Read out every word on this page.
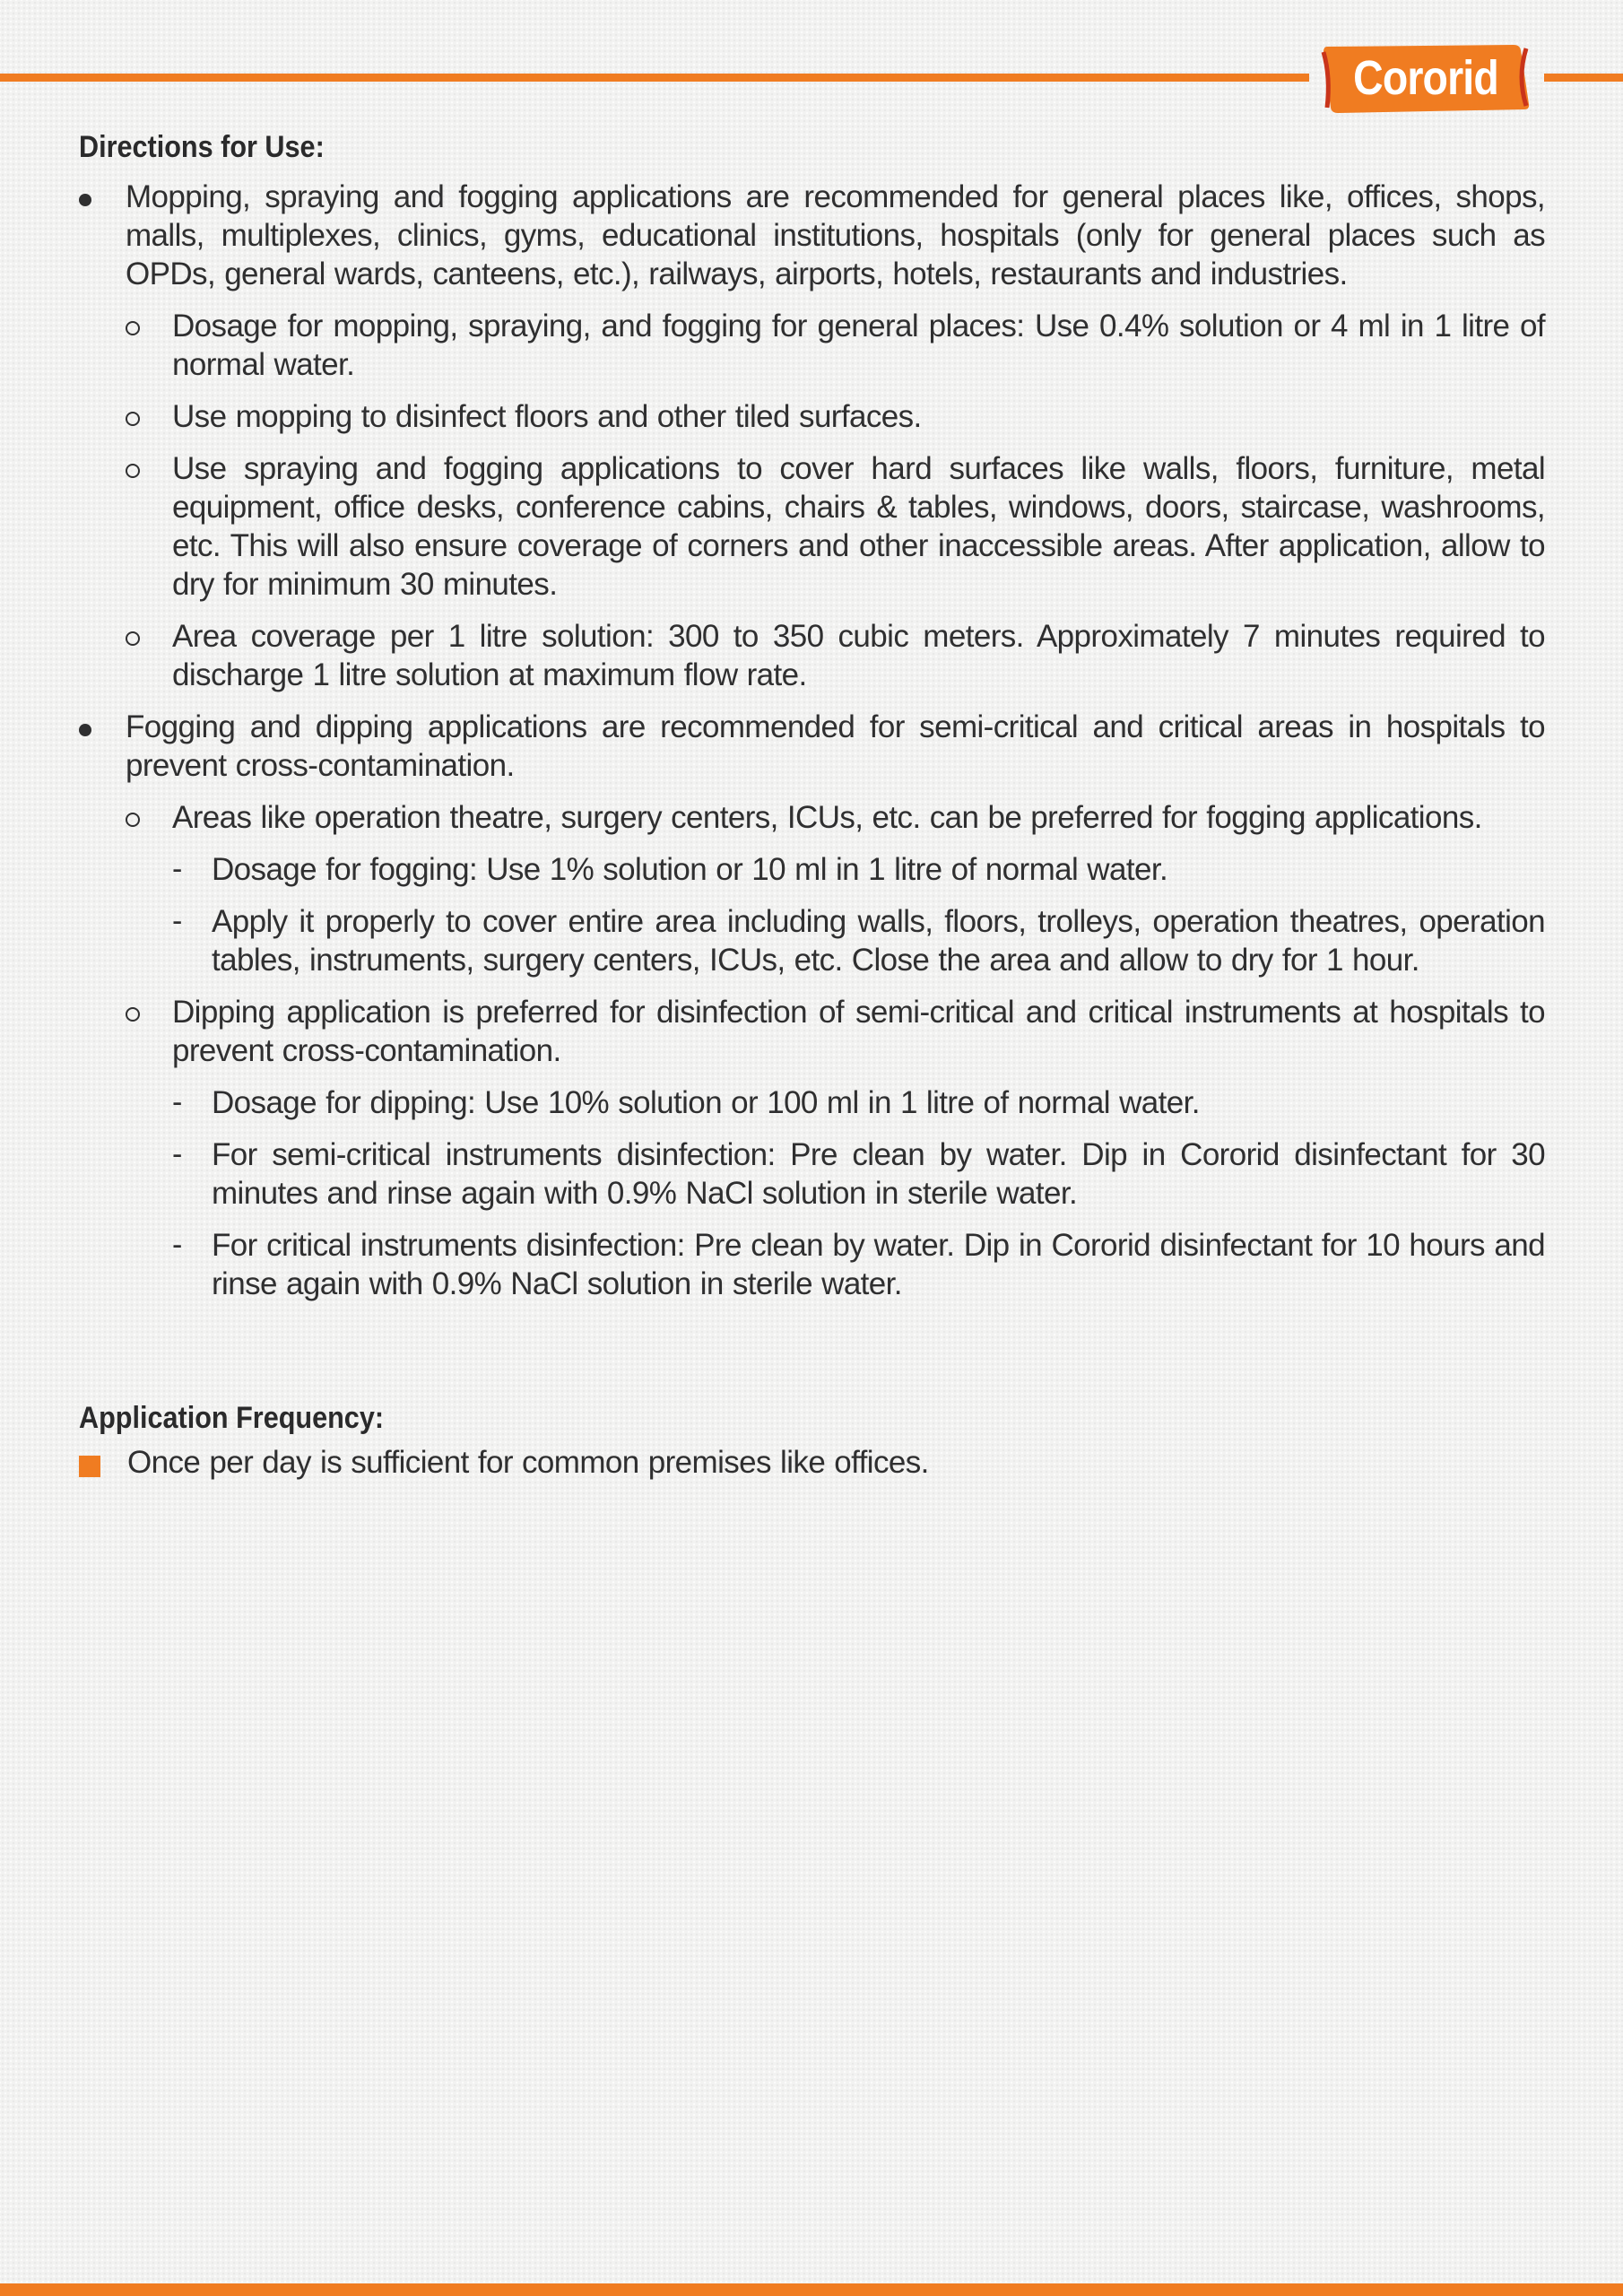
Cororid
Directions for Use:
Mopping, spraying and fogging applications are recommended for general places like, offices, shops, malls, multiplexes, clinics, gyms, educational institutions, hospitals (only for general places such as OPDs, general wards, canteens, etc.), railways, airports, hotels, restaurants and industries.
Dosage for mopping, spraying, and fogging for general places: Use 0.4% solution or 4 ml in 1 litre of normal water.
Use mopping to disinfect floors and other tiled surfaces.
Use spraying and fogging applications to cover hard surfaces like walls, floors, furniture, metal equipment, office desks, conference cabins, chairs & tables, windows, doors, staircase, washrooms, etc. This will also ensure coverage of corners and other inaccessible areas. After application, allow to dry for minimum 30 minutes.
Area coverage per 1 litre solution: 300 to 350 cubic meters. Approximately 7 minutes required to discharge 1 litre solution at maximum flow rate.
Fogging and dipping applications are recommended for semi-critical and critical areas in hospitals to prevent cross-contamination.
Areas like operation theatre, surgery centers, ICUs, etc. can be preferred for fogging applications.
- Dosage for fogging: Use 1% solution or 10 ml in 1 litre of normal water.
- Apply it properly to cover entire area including walls, floors, trolleys, operation theatres, operation tables, instruments, surgery centers, ICUs, etc. Close the area and allow to dry for 1 hour.
Dipping application is preferred for disinfection of semi-critical and critical instruments at hospitals to prevent cross-contamination.
- Dosage for dipping: Use 10% solution or 100 ml in 1 litre of normal water.
- For semi-critical instruments disinfection: Pre clean by water. Dip in Cororid disinfectant for 30 minutes and rinse again with 0.9% NaCl solution in sterile water.
- For critical instruments disinfection: Pre clean by water. Dip in Cororid disinfectant for 10 hours and rinse again with 0.9% NaCl solution in sterile water.
Application Frequency:
Once per day is sufficient for common premises like offices.
